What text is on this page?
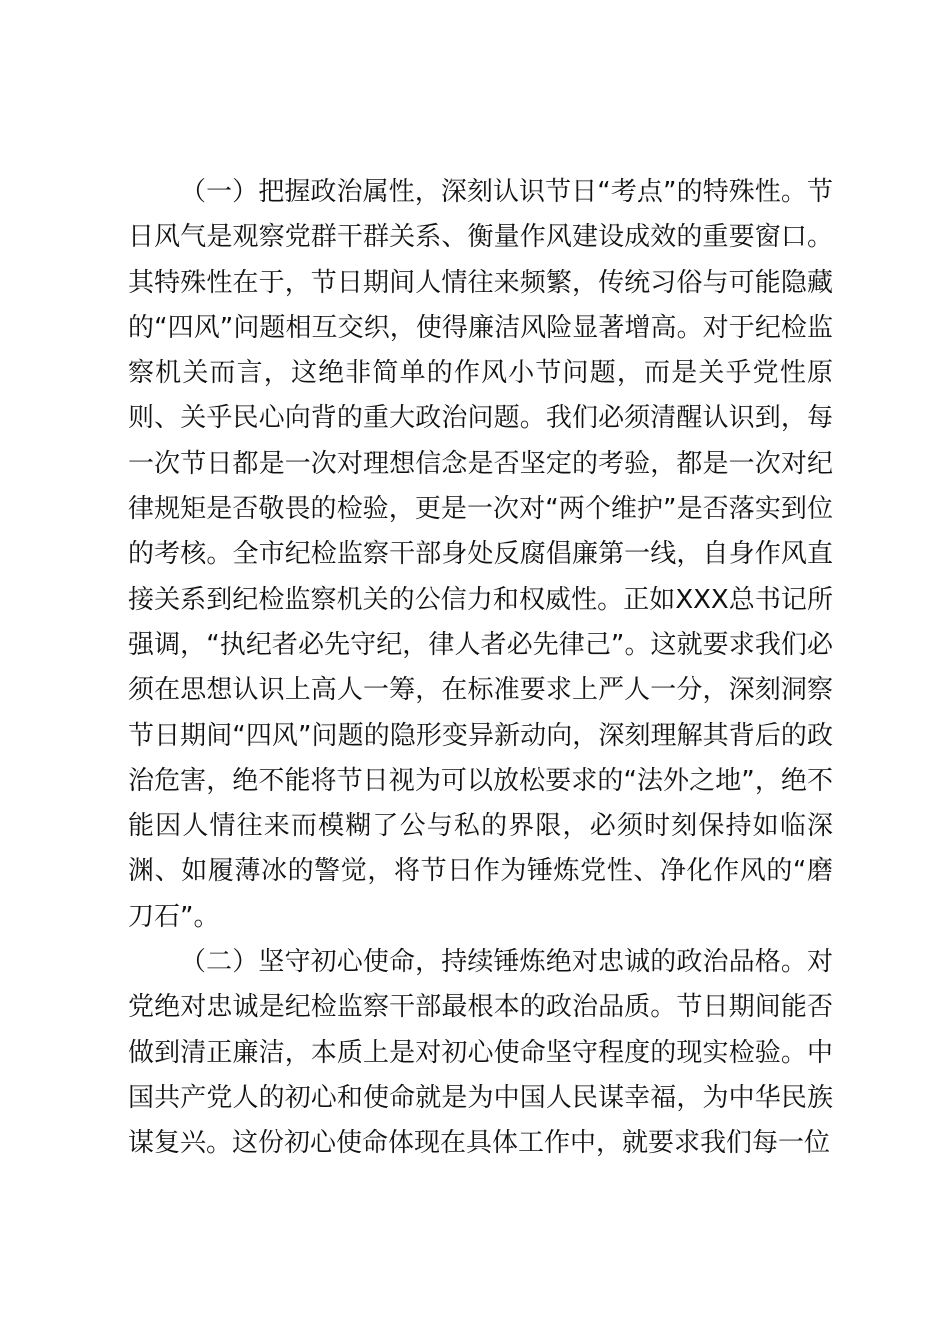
（一）把握政治属性，深刻认识节日“考点”的特殊性。节日风气是观察党群干群关系、衡量作风建设成效的重要窗口。其特殊性在于，节日期间人情往来频繁，传统习俗与可能隐藏的“四风”问题相互交织，使得廉洁风险显著增高。对于纪检监察机关而言，这绝非简单的作风小节问题，而是关乎党性原则、关乎民心向背的重大政治问题。我们必须清醒认识到，每一次节日都是一次对理想信念是否坚定的考验，都是一次对纪律规矩是否敬畏的检验，更是一次对“两个维护”是否落实到位的考核。全市纪检监察干部身处反腐倡廉第一线，自身作风直接关系到纪检监察机关的公信力和权威性。正如XXX总书记所强调，“执纪者必先守纪，律人者必先律己”。这就要求我们必须在思想认识上高人一筹，在标准要求上严人一分，深刻洞察节日期间“四风”问题的隐形变异新动向，深刻理解其背后的政治危害，绝不能将节日视为可以放松要求的“法外之地”，绝不能因人情往来而模糊了公与私的界限，必须时刻保持如临深渊、如履薄冰的警觉，将节日作为锤炼党性、净化作风的“磨刀石”。

（二）坚守初心使命，持续锤炼绝对忠诚的政治品格。对党绝对忠诚是纪检监察干部最根本的政治品质。节日期间能否做到清正廉洁，本质上是对初心使命坚守程度的现实检验。中国共产党人的初心和使命就是为中国人民谋幸福，为中华民族谋复兴。这份初心使命体现在具体工作中，就要求我们每一位
